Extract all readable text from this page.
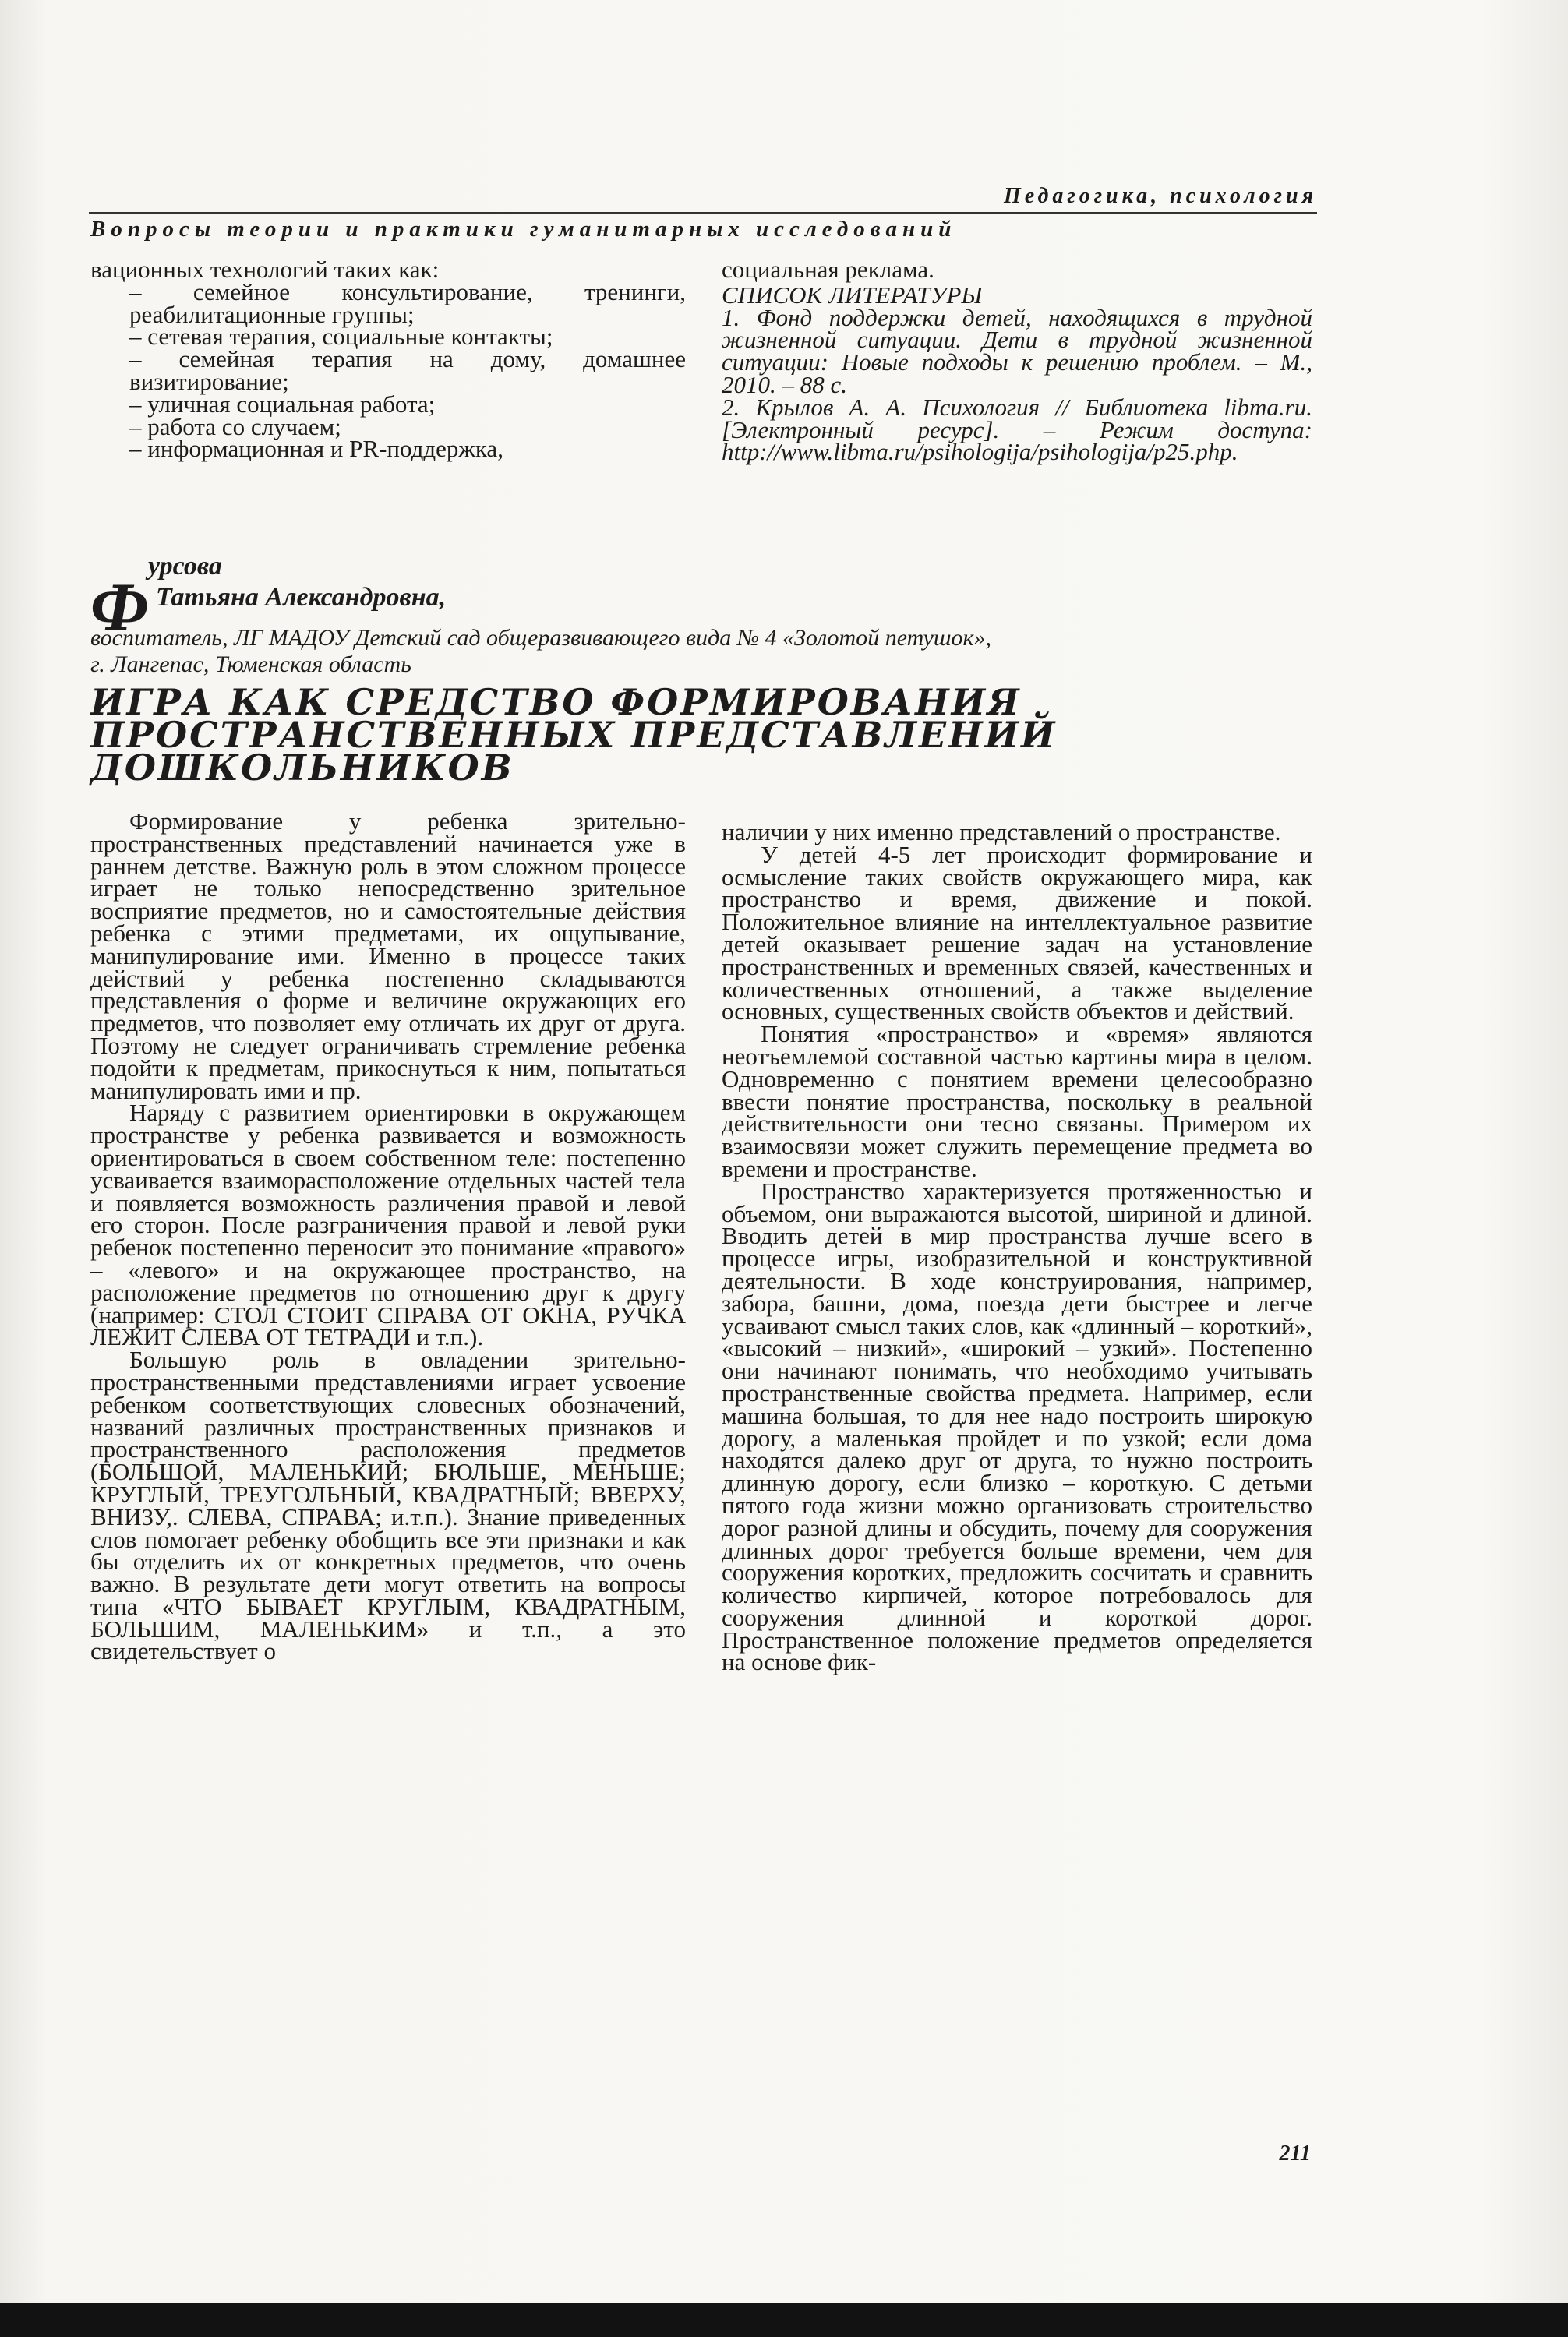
Педагогика, психология
Вопросы теории и практики гуманитарных исследований

вационных технологий таких как:

– семейное консультирование, тренинги, реабилитационные группы;

– сетевая терапия, социальные контакты;

– семейная терапия на дому, домашнее визитирование;

– уличная социальная работа;

– работа со случаем;

– информационная и PR-поддержка,

социальная реклама.

СПИСОК ЛИТЕРАТУРЫ

1. Фонд поддержки детей, находящихся в трудной жизненной ситуации. Дети в трудной жизненной ситуации: Новые подходы к решению проблем. – М., 2010. – 88 с.

2. Крылов А. А. Психология // Библиотека libma.ru. [Электронный ресурс]. – Режим доступа: http://www.libma.ru/psihologija/psihologija/p25.php.

Ф
урсова
Татьяна Александровна,
воспитатель, ЛГ МАДОУ Детский сад общеразвивающего вида № 4 «Золотой петушок»,
г. Лангепас, Тюменская область
ИГРА КАК СРЕДСТВО ФОРМИРОВАНИЯ
ПРОСТРАНСТВЕННЫХ ПРЕДСТАВЛЕНИЙ
ДОШКОЛЬНИКОВ

Формирование у ребенка зрительно-пространственных представлений начинается уже в раннем детстве. Важную роль в этом сложном процессе играет не только непосредственно зрительное восприятие предметов, но и самостоятельные действия ребенка с этими предметами, их ощупывание, манипулирование ими. Именно в процессе таких действий у ребенка постепенно складываются представления о форме и величине окружающих его предметов, что позволяет ему отличать их друг от друга. Поэтому не следует ограничивать стремление ребенка подойти к предметам, прикоснуться к ним, попытаться манипулировать ими и пр.

Наряду с развитием ориентировки в окружающем пространстве у ребенка развивается и возможность ориентироваться в своем собственном теле: постепенно усваивается взаиморасположение отдельных частей тела и появляется возможность различения правой и левой его сторон. После разграничения правой и левой руки ребенок постепенно переносит это понимание «правого» – «левого» и на окружающее пространство, на расположение предметов по отношению друг к другу (например: СТОЛ СТОИТ СПРАВА ОТ ОКНА, РУЧКА ЛЕЖИТ СЛЕВА ОТ ТЕТРАДИ и т.п.).

Большую роль в овладении зрительно-пространственными представлениями играет усвоение ребенком соответствующих словесных обозначений, названий различных пространственных признаков и пространственного расположения предметов (БОЛЬШОЙ, МАЛЕНЬКИЙ; БЮЛЬШЕ, МЕНЬШЕ; КРУГЛЫЙ, ТРЕУГОЛЬНЫЙ, КВАДРАТНЫЙ; ВВЕРХУ, ВНИЗУ,. СЛЕВА, СПРАВА; и.т.п.). Знание приведенных слов помогает ребенку обобщить все эти признаки и как бы отделить их от конкретных предметов, что очень важно. В результате дети могут ответить на вопросы типа «ЧТО БЫВАЕТ КРУГЛЫМ, КВАДРАТНЫМ, БОЛЬШИМ, МАЛЕНЬКИМ» и т.п., а это свидетельствует о

наличии у них именно представлений о пространстве.

У детей 4-5 лет происходит формирование и осмысление таких свойств окружающего мира, как пространство и время, движение и покой. Положительное влияние на интеллектуальное развитие детей оказывает решение задач на установление пространственных и временных связей, качественных и количественных отношений, а также выделение основных, существенных свойств объектов и действий.

Понятия «пространство» и «время» являются неотъемлемой составной частью картины мира в целом. Одновременно с понятием времени целесообразно ввести понятие пространства, поскольку в реальной действительности они тесно связаны. Примером их взаимосвязи может служить перемещение предмета во времени и пространстве.

Пространство характеризуется протяженностью и объемом, они выражаются высотой, шириной и длиной. Вводить детей в мир пространства лучше всего в процессе игры, изобразительной и конструктивной деятельности. В ходе конструирования, например, забора, башни, дома, поезда дети быстрее и легче усваивают смысл таких слов, как «длинный – короткий», «высокий – низкий», «широкий – узкий». Постепенно они начинают понимать, что необходимо учитывать пространственные свойства предмета. Например, если машина большая, то для нее надо построить широкую дорогу, а маленькая пройдет и по узкой; если дома находятся далеко друг от друга, то нужно построить длинную дорогу, если близко – короткую. С детьми пятого года жизни можно организовать строительство дорог разной длины и обсудить, почему для сооружения длинных дорог требуется больше времени, чем для сооружения коротких, предложить сосчитать и сравнить количество кирпичей, которое потребовалось для сооружения длинной и короткой дорог. Пространственное положение предметов определяется на основе фик-

211
